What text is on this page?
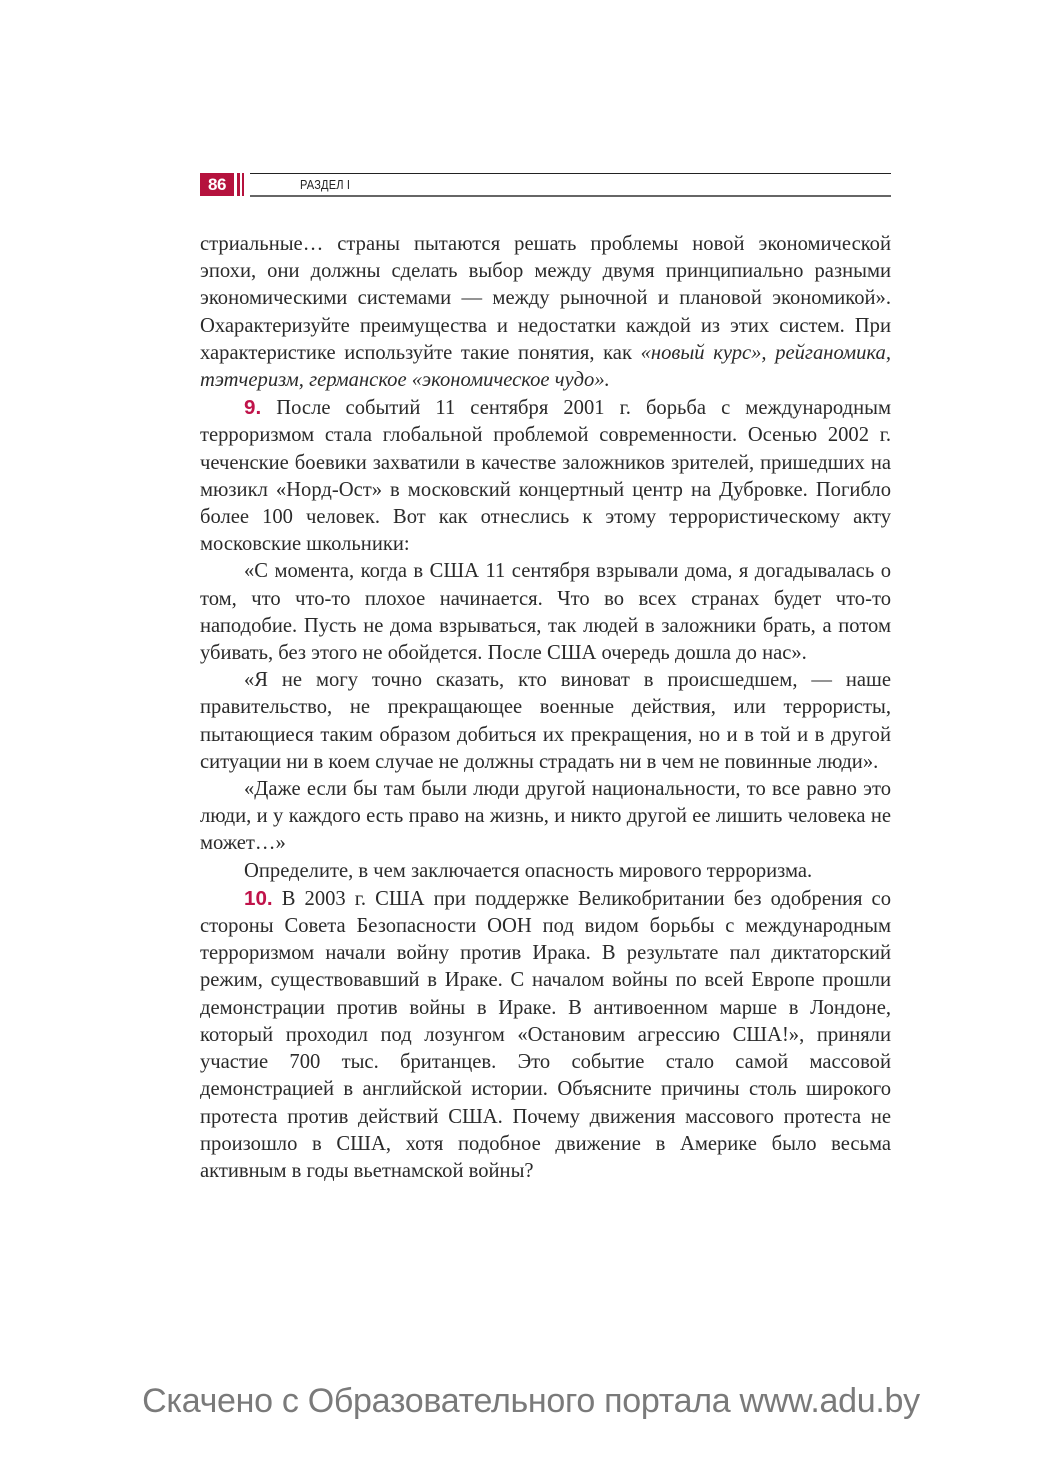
86	РАЗДЕЛ I

стриальные… страны пытаются решать проблемы новой экономической эпохи, они должны сделать выбор между двумя принципиально разными экономическими системами — между рыночной и плановой экономикой». Охарактеризуйте преимущества и недостатки каждой из этих систем. При характеристике используйте такие понятия, как «новый курс», рейганомика, тэтчеризм, германское «экономическое чудо».

9. После событий 11 сентября 2001 г. борьба с международным терроризмом стала глобальной проблемой современности. Осенью 2002 г. чеченские боевики захватили в качестве заложников зрителей, пришедших на мюзикл «Норд-Ост» в московский концертный центр на Дубровке. Погибло более 100 человек. Вот как отнеслись к этому террористическому акту московские школьники:

«С момента, когда в США 11 сентября взрывали дома, я догадывалась о том, что что-то плохое начинается. Что во всех странах будет что-то наподобие. Пусть не дома взрываться, так людей в заложники брать, а потом убивать, без этого не обойдется. После США очередь дошла до нас».

«Я не могу точно сказать, кто виноват в происшедшем, — наше правительство, не прекращающее военные действия, или террористы, пытающиеся таким образом добиться их прекращения, но и в той и в другой ситуации ни в коем случае не должны страдать ни в чем не повинные люди».

«Даже если бы там были люди другой национальности, то все равно это люди, и у каждого есть право на жизнь, и никто другой ее лишить человека не может…»

Определите, в чем заключается опасность мирового терроризма.

10. В 2003 г. США при поддержке Великобритании без одобрения со стороны Совета Безопасности ООН под видом борьбы с международным терроризмом начали войну против Ирака. В результате пал диктаторский режим, существовавший в Ираке. С началом войны по всей Европе прошли демонстрации против войны в Ираке. В антивоенном марше в Лондоне, который проходил под лозунгом «Остановим агрессию США!», приняли участие 700 тыс. британцев. Это событие стало самой массовой демонстрацией в английской истории. Объясните причины столь широкого протеста против действий США. Почему движения массового протеста не произошло в США, хотя подобное движение в Америке было весьма активным в годы вьетнамской войны?

Скачено с Образовательного портала www.adu.by
